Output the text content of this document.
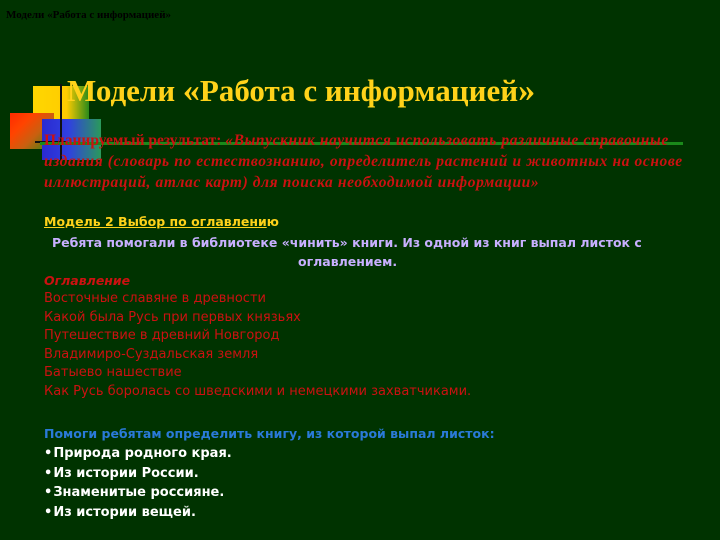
Модели «Работа с информацией»
Модели «Работа с информацией»
Планируемый результат: «Выпускник научится использовать различные справочные издания (словарь по естествознанию, определитель растений и животных на основе иллюстраций, атлас карт) для поиска необходимой информации»
Модель 2 Выбор по оглавлению
Ребята помогали в библиотеке «чинить» книги. Из одной из книг выпал листок с
оглавлением.
Оглавление
Восточные славяне в древности
Какой была Русь при первых князьях
Путешествие в древний Новгород
Владимиро-Суздальская земля
Батыево нашествие
Как Русь боролась со шведскими и немецкими захватчиками.
Помоги ребятам определить книгу, из которой выпал листок:
• Природа родного края.
• Из истории России.
• Знаменитые россияне.
• Из истории вещей.
